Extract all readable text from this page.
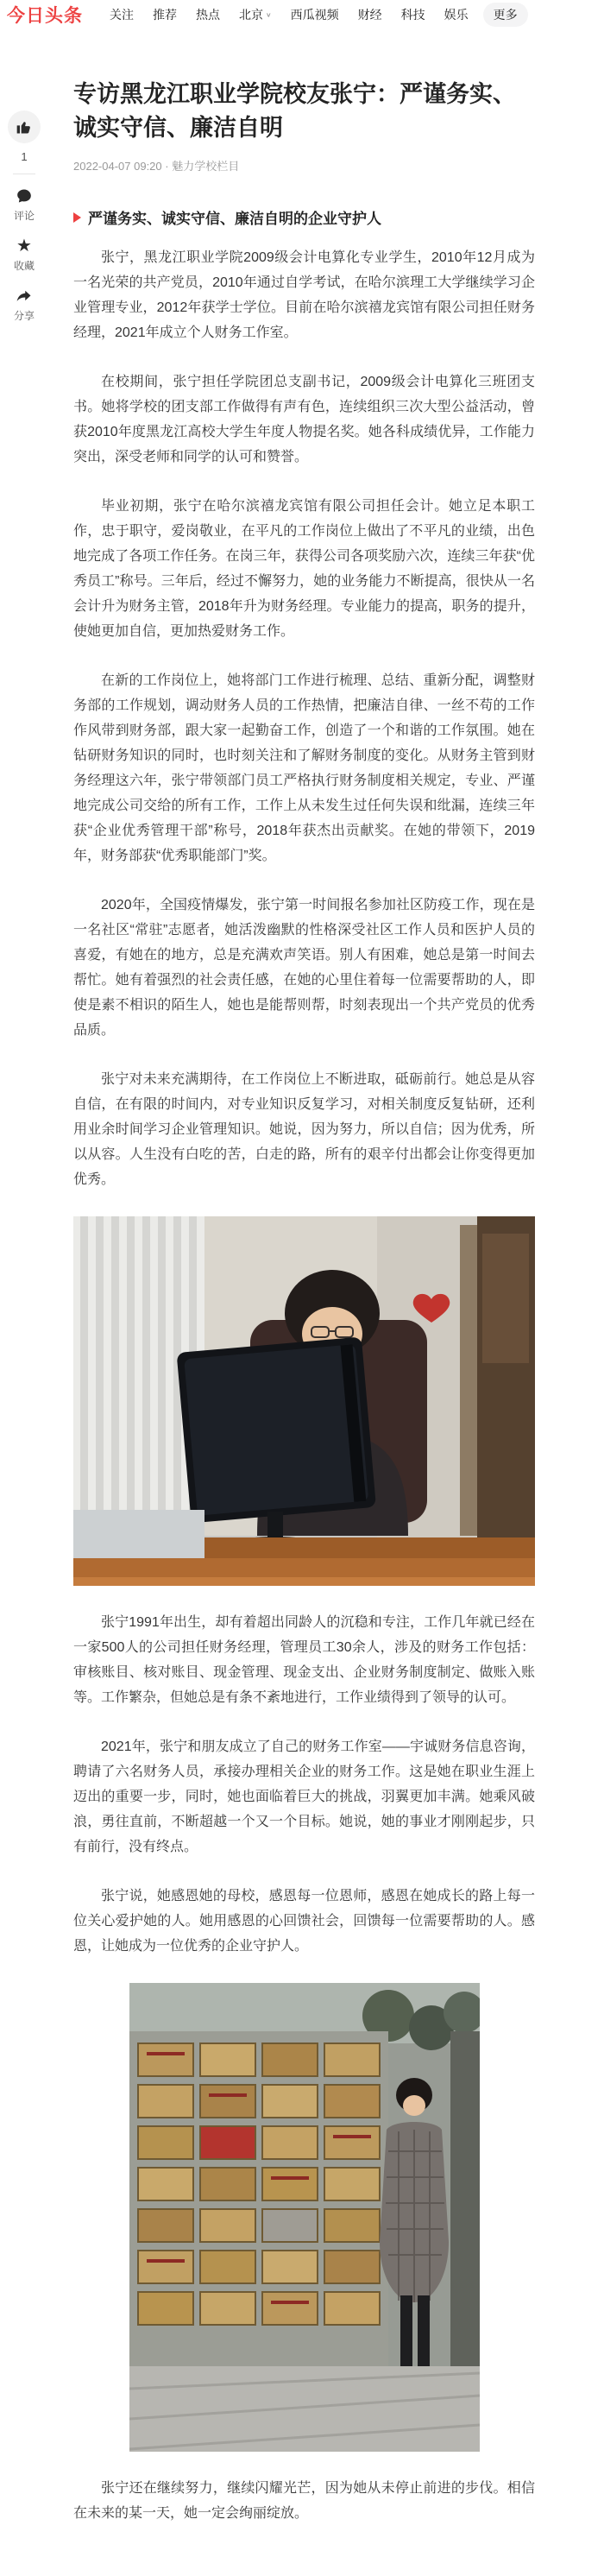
今日头条 关注 推荐 热点 北京 ∨ 西瓜视频 财经 科技 娱乐 更多
1
评论
★
收藏
分享
专访黑龙江职业学院校友张宁：严谨务实、诚实守信、廉洁自明
2022-04-07 09:20 · 魅力学校栏目
严谨务实、诚实守信、廉洁自明的企业守护人

张宁，黑龙江职业学院2009级会计电算化专业学生，2010年12月成为一名光荣的共产党员，2010年通过自学考试，在哈尔滨理工大学继续学习企业管理专业，2012年获学士学位。目前在哈尔滨禧龙宾馆有限公司担任财务经理，2021年成立个人财务工作室。

在校期间，张宁担任学院团总支副书记，2009级会计电算化三班团支书。她将学校的团支部工作做得有声有色，连续组织三次大型公益活动，曾获2010年度黑龙江高校大学生年度人物提名奖。她各科成绩优异，工作能力突出，深受老师和同学的认可和赞誉。

毕业初期，张宁在哈尔滨禧龙宾馆有限公司担任会计。她立足本职工作，忠于职守，爱岗敬业，在平凡的工作岗位上做出了不平凡的业绩，出色地完成了各项工作任务。在岗三年，获得公司各项奖励六次，连续三年获“优秀员工”称号。三年后，经过不懈努力，她的业务能力不断提高，很快从一名会计升为财务主管，2018年升为财务经理。专业能力的提高，职务的提升，使她更加自信，更加热爱财务工作。

在新的工作岗位上，她将部门工作进行梳理、总结、重新分配，调整财务部的工作规划，调动财务人员的工作热情，把廉洁自律、一丝不苟的工作作风带到财务部，跟大家一起勤奋工作，创造了一个和谐的工作氛围。她在钻研财务知识的同时，也时刻关注和了解财务制度的变化。从财务主管到财务经理这六年，张宁带领部门员工严格执行财务制度相关规定，专业、严谨地完成公司交给的所有工作，工作上从未发生过任何失误和纰漏，连续三年获“企业优秀管理干部”称号，2018年获杰出贡献奖。在她的带领下，2019年，财务部获“优秀职能部门”奖。

2020年，全国疫情爆发，张宁第一时间报名参加社区防疫工作，现在是一名社区“常驻”志愿者，她活泼幽默的性格深受社区工作人员和医护人员的喜爱，有她在的地方，总是充满欢声笑语。别人有困难，她总是第一时间去帮忙。她有着强烈的社会责任感，在她的心里住着每一位需要帮助的人，即使是素不相识的陌生人，她也是能帮则帮，时刻表现出一个共产党员的优秀品质。

张宁对未来充满期待，在工作岗位上不断进取，砥砺前行。她总是从容自信，在有限的时间内，对专业知识反复学习，对相关制度反复钻研，还利用业余时间学习企业管理知识。她说，因为努力，所以自信；因为优秀，所以从容。人生没有白吃的苦，白走的路，所有的艰辛付出都会让你变得更加优秀。

张宁1991年出生，却有着超出同龄人的沉稳和专注，工作几年就已经在一家500人的公司担任财务经理，管理员工30余人，涉及的财务工作包括：审核账目、核对账目、现金管理、现金支出、企业财务制度制定、做账入账等。工作繁杂，但她总是有条不紊地进行，工作业绩得到了领导的认可。

2021年，张宁和朋友成立了自己的财务工作室——宇诚财务信息咨询，聘请了六名财务人员，承接办理相关企业的财务工作。这是她在职业生涯上迈出的重要一步，同时，她也面临着巨大的挑战，羽翼更加丰满。她乘风破浪，勇往直前，不断超越一个又一个目标。她说，她的事业才刚刚起步，只有前行，没有终点。

张宁说，她感恩她的母校，感恩每一位恩师，感恩在她成长的路上每一位关心爱护她的人。她用感恩的心回馈社会，回馈每一位需要帮助的人。感恩，让她成为一位优秀的企业守护人。

张宁还在继续努力，继续闪耀光芒，因为她从未停止前进的步伐。相信在未来的某一天，她一定会绚丽绽放。
